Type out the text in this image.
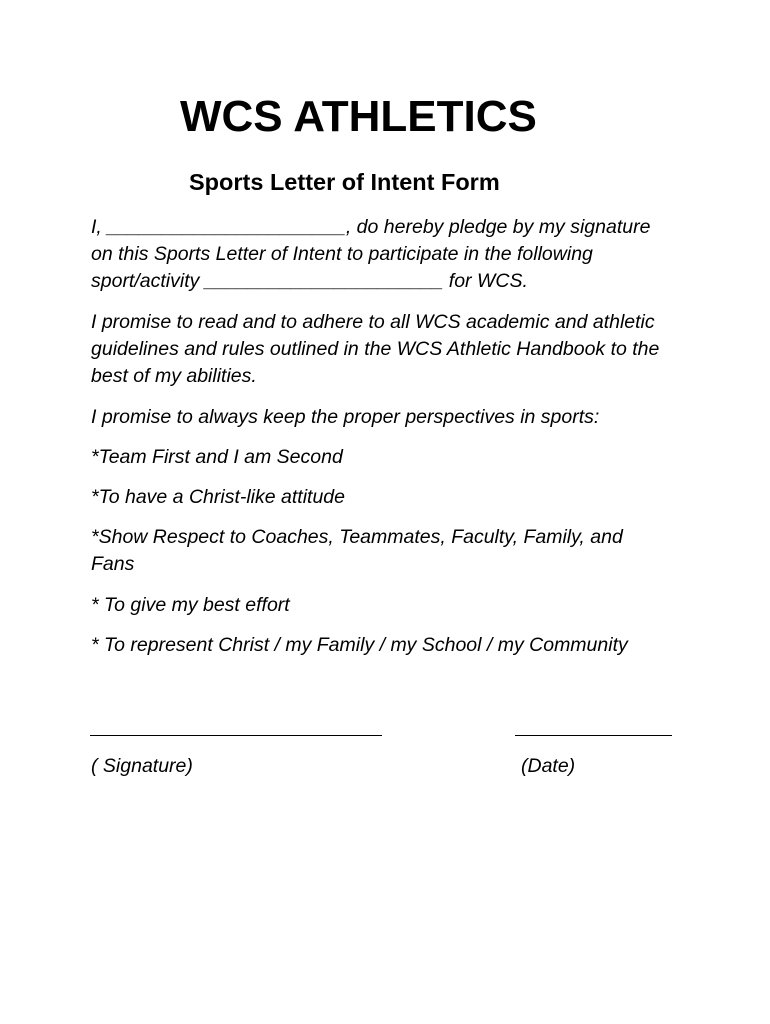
WCS ATHLETICS
Sports Letter of Intent Form
I, ______________________, do hereby pledge by my signature
on this Sports Letter of Intent to participate in the following
sport/activity ______________________ for WCS.
I promise to read and to adhere to all WCS academic and athletic
guidelines and rules outlined in the WCS Athletic Handbook to the
best of my abilities.
I promise to always keep the proper perspectives in sports:
*Team First and I am Second
*To have a Christ-like attitude
*Show Respect to Coaches, Teammates, Faculty, Family, and
Fans
* To give my best effort
* To represent Christ / my Family / my School / my Community
( Signature)	(Date)
